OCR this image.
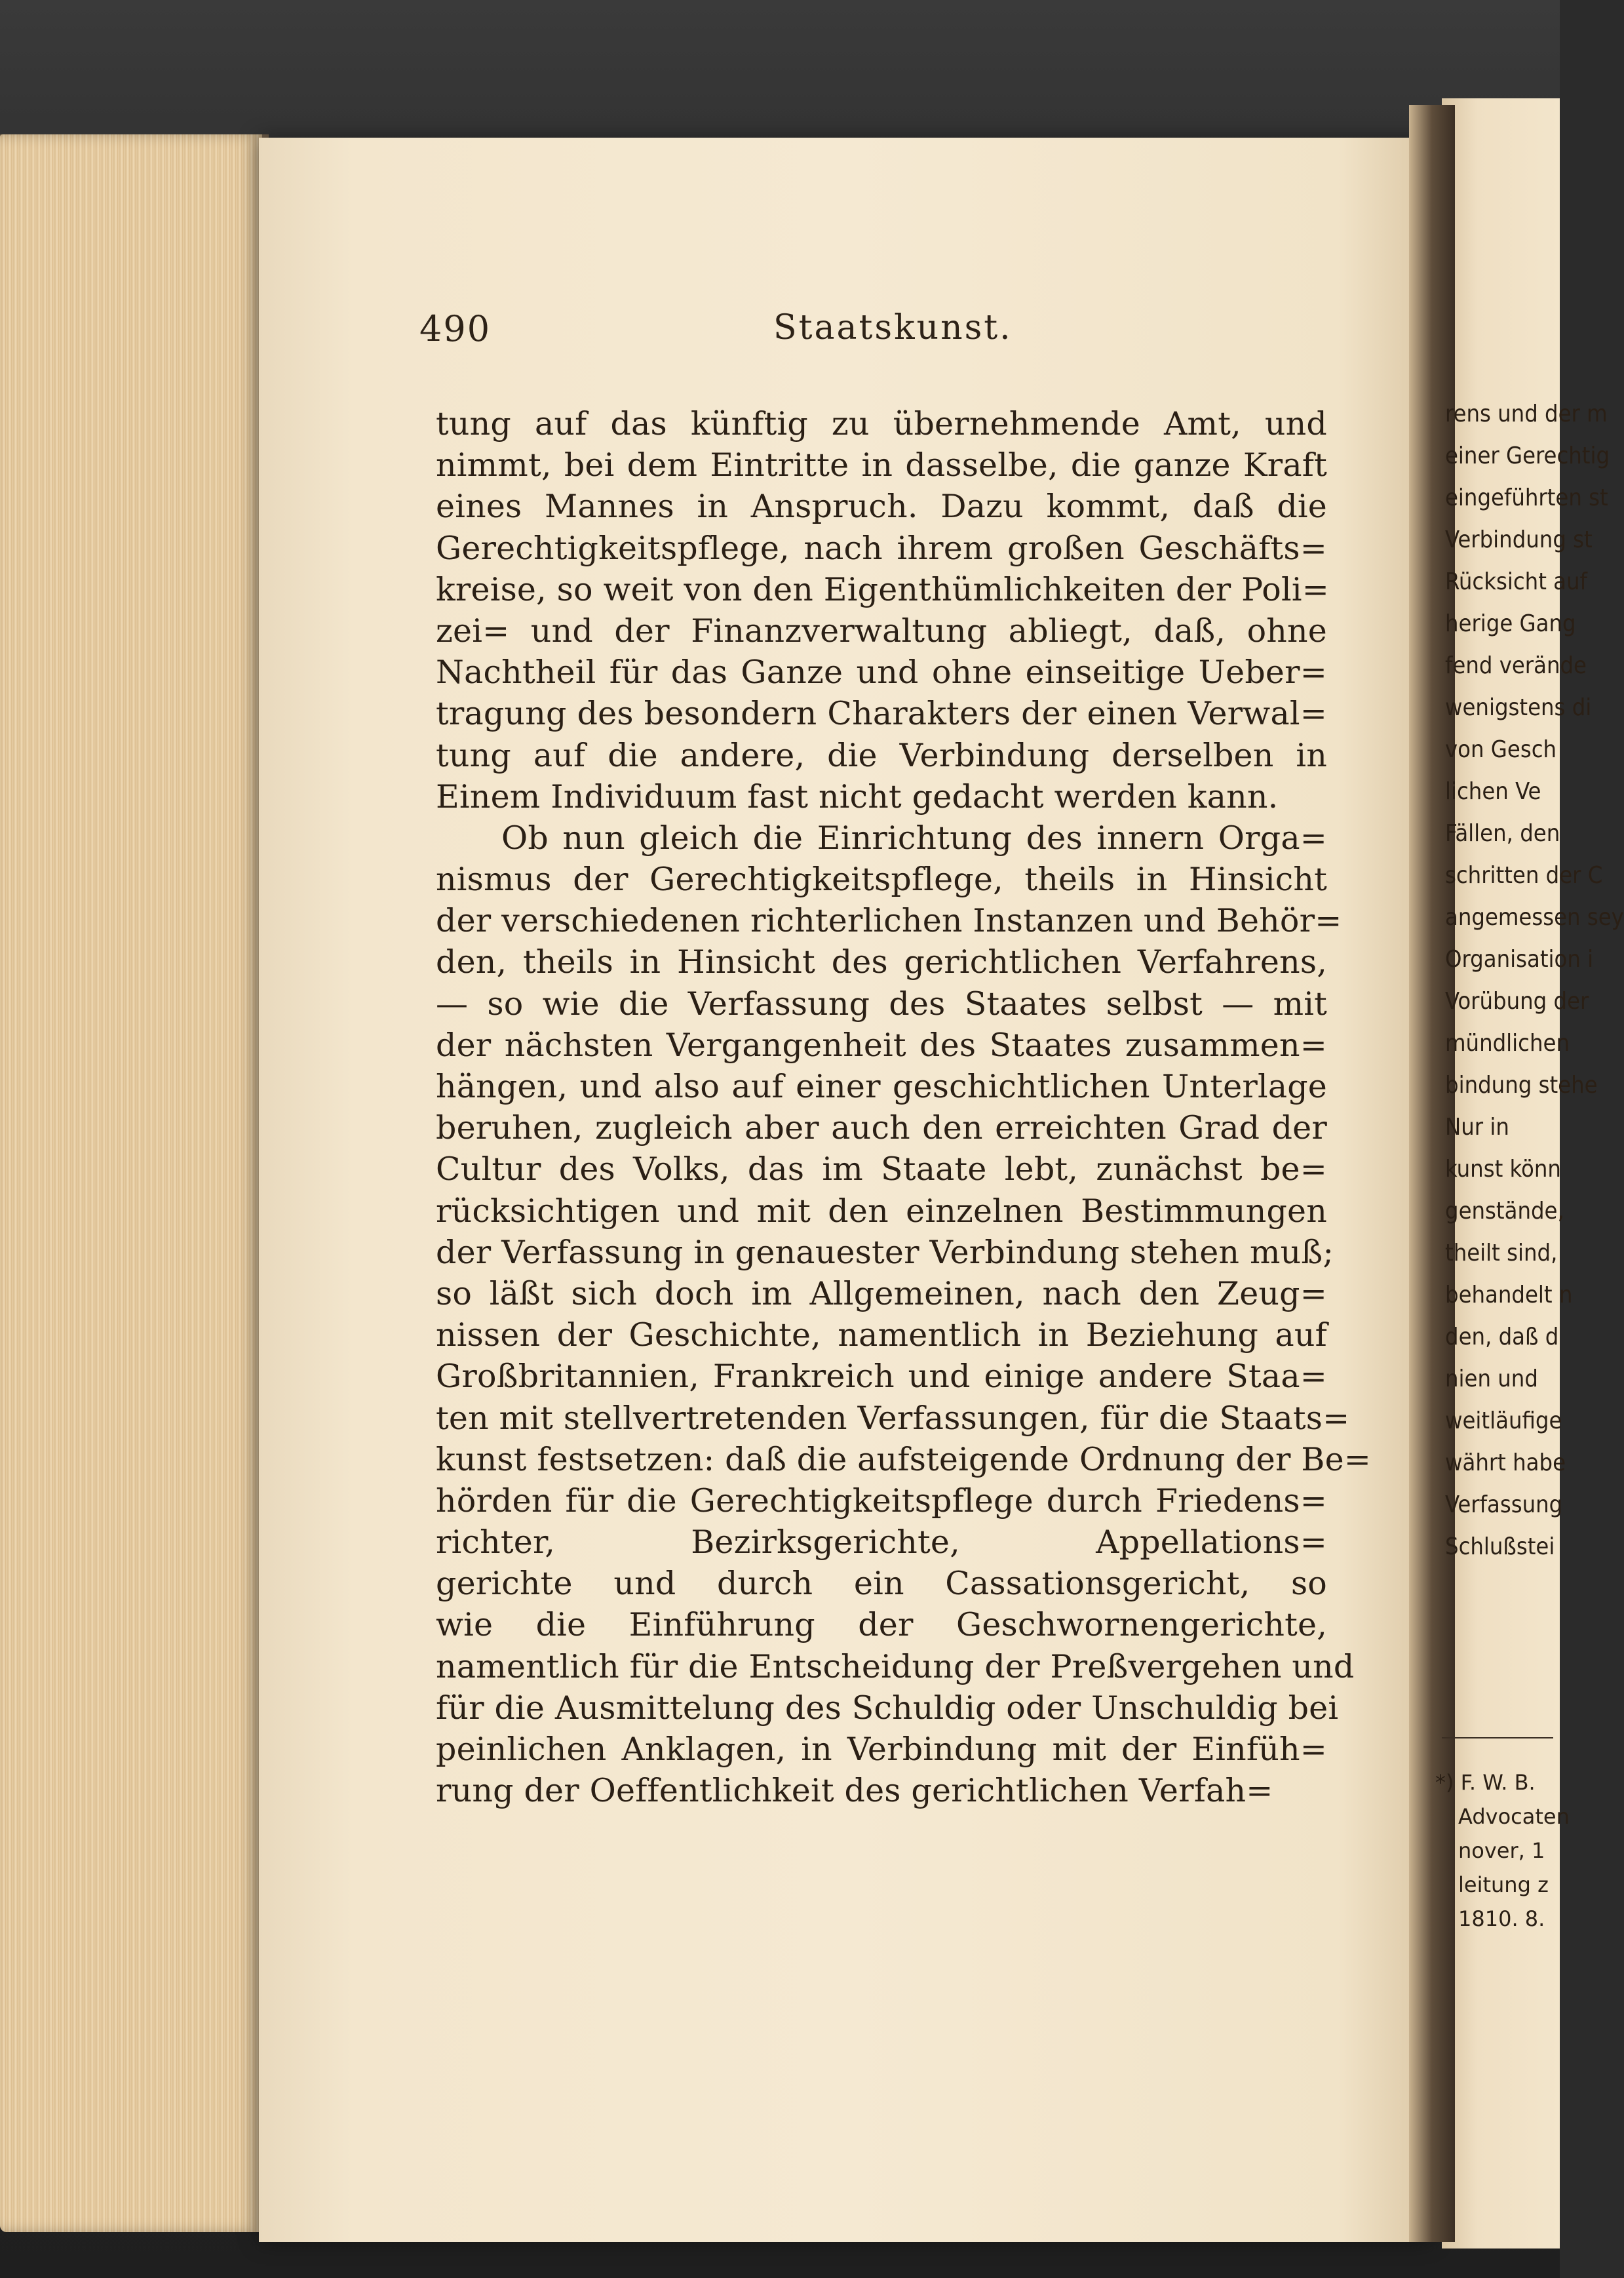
490	Staatskunst.
tung auf das künftig zu übernehmende Amt, und
nimmt, bei dem Eintritte in dasselbe, die ganze Kraft
eines Mannes in Anspruch. Dazu kommt, daß die
Gerechtigkeitspflege, nach ihrem großen Geschäfts=
kreise, so weit von den Eigenthümlichkeiten der Poli=
zei= und der Finanzverwaltung abliegt, daß, ohne
Nachtheil für das Ganze und ohne einseitige Ueber=
tragung des besondern Charakters der einen Verwal=
tung auf die andere, die Verbindung derselben in
Einem Individuum fast nicht gedacht werden kann.
Ob nun gleich die Einrichtung des innern Orga=
nismus der Gerechtigkeitspflege, theils in Hinsicht
der verschiedenen richterlichen Instanzen und Behör=
den, theils in Hinsicht des gerichtlichen Verfahrens,
— so wie die Verfassung des Staates selbst — mit
der nächsten Vergangenheit des Staates zusammen=
hängen, und also auf einer geschichtlichen Unterlage
beruhen, zugleich aber auch den erreichten Grad der
Cultur des Volks, das im Staate lebt, zunächst be=
rücksichtigen und mit den einzelnen Bestimmungen
der Verfassung in genauester Verbindung stehen muß;
so läßt sich doch im Allgemeinen, nach den Zeug=
nissen der Geschichte, namentlich in Beziehung auf
Großbritannien, Frankreich und einige andere Staa=
ten mit stellvertretenden Verfassungen, für die Staats=
kunst festsetzen: daß die aufsteigende Ordnung der Be=
hörden für die Gerechtigkeitspflege durch Friedens=
richter, Bezirksgerichte, Appellations=
gerichte und durch ein Cassationsgericht, so
wie die Einführung der Geschwornengerichte,
namentlich für die Entscheidung der Preßvergehen und
für die Ausmittelung des Schuldig oder Unschuldig bei
peinlichen Anklagen, in Verbindung mit der Einfüh=
rung der Oeffentlichkeit des gerichtlichen Verfah=
rens und der m
einer Gerechtig
eingeführten st
Verbindung st
Rücksicht auf
herige Gang
fend verände
wenigstens di
von Gesch
lichen Ve
Fällen, den
schritten der C
angemessen sey
Organisation i
Vorübung der
mündlichen
bindung stehe
Nur in
kunst könn
genstände,
theilt sind,
behandelt n
den, daß d
nien und
weitläufige
währt habe
Verfassung
Schlußstei
*) F. W. B.
Advocaten
nover, 1
leitung z
1810. 8.
